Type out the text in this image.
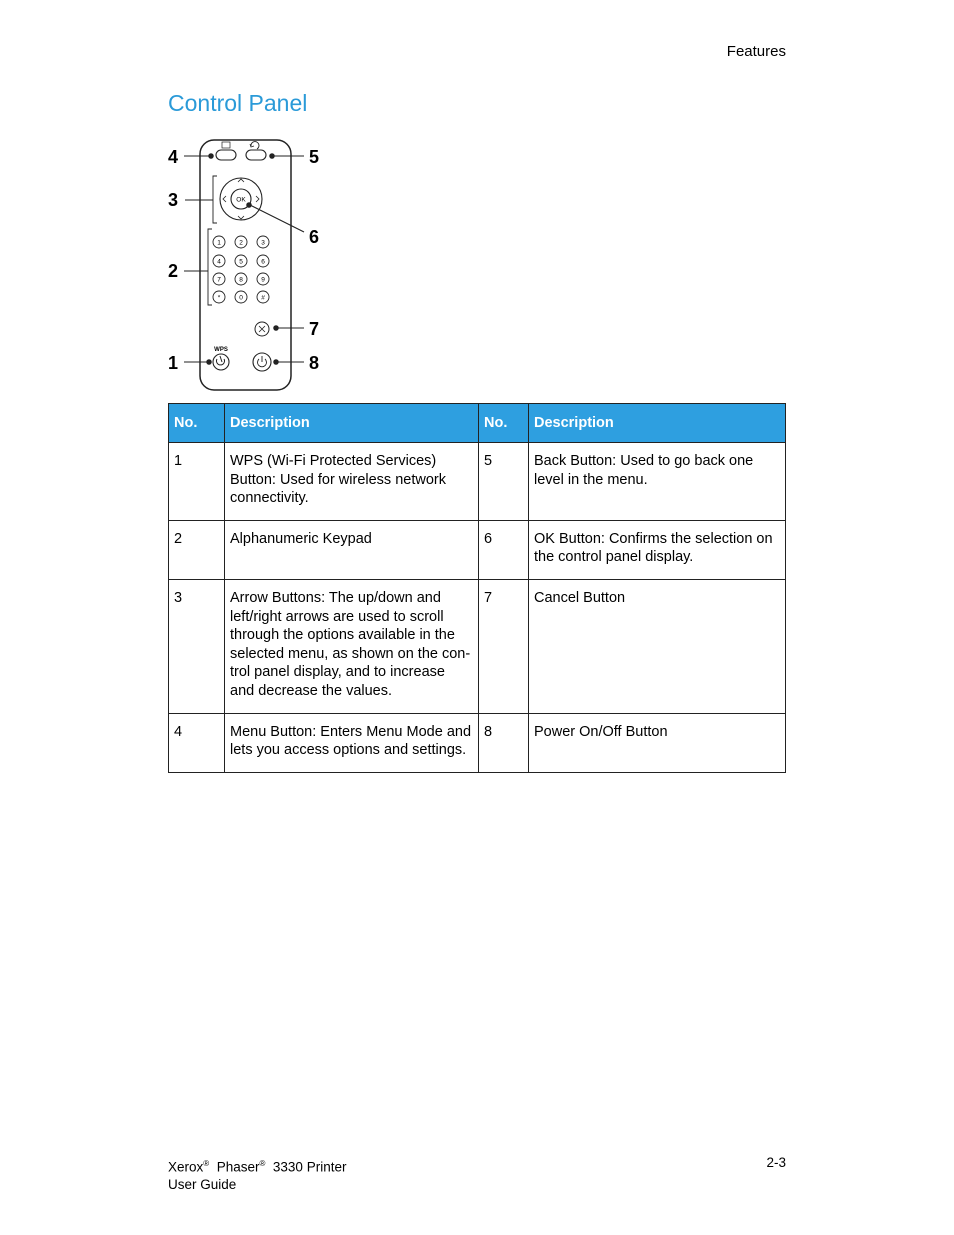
Features
Control Panel
OK
1	2	3
4	5	6
7	8	9
*	0	#
WPS
4
3
2
1
5
6
7
8
No.	Description	No.	Description
1	WPS (Wi-Fi Protected Services) Button: Used for wireless network connectivity.	5	Back Button: Used to go back one level in the menu.
2	Alphanumeric Keypad	6	OK Button: Confirms the selection on the control panel display.
3	Arrow Buttons: The up/down and left/right arrows are used to scroll through the options available in the selected menu, as shown on the con-trol panel display, and to increase and decrease the values.	7	Cancel Button
4	Menu Button: Enters Menu Mode and lets you access options and settings.	8	Power On/Off Button
Xerox® Phaser® 3330 Printer
User Guide
2-3
